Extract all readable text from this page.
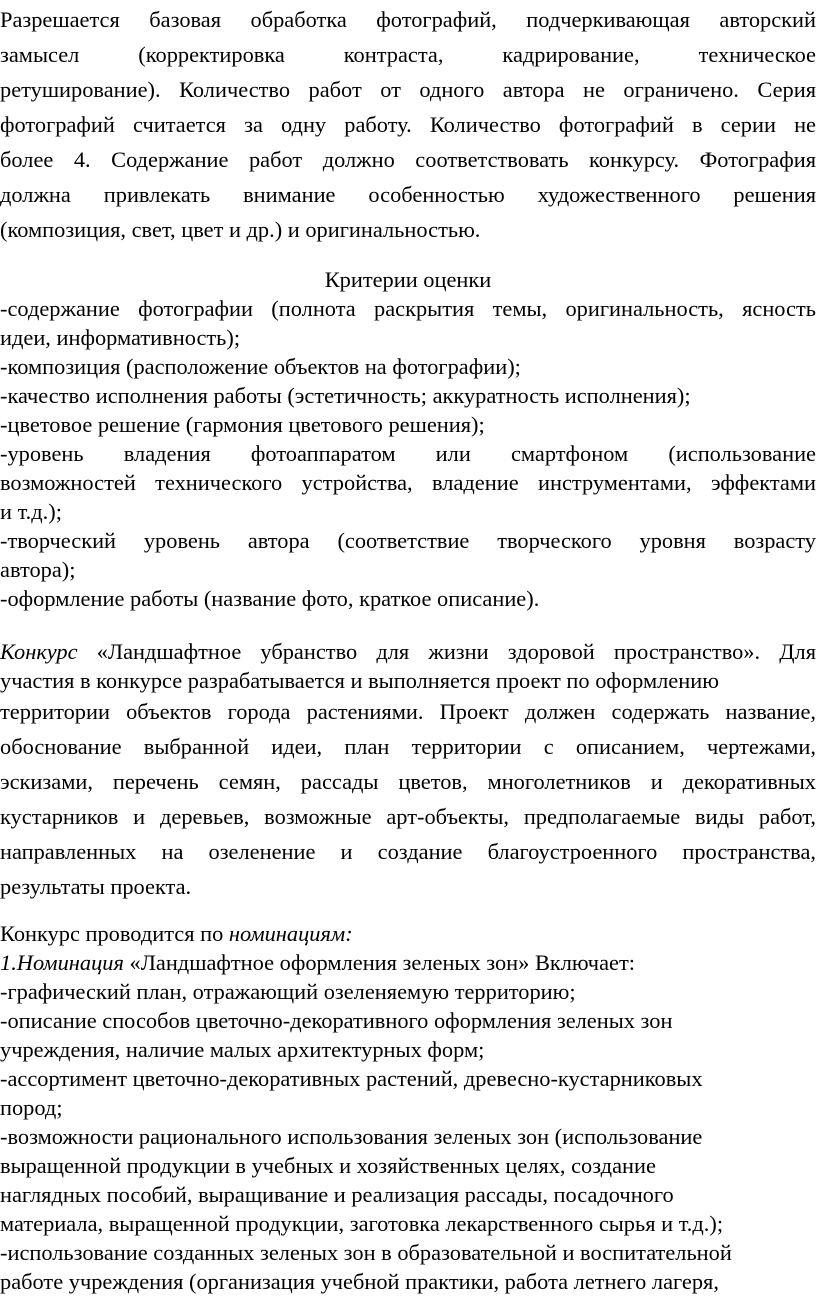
Разрешается базовая обработка фотографий, подчеркивающая авторский
замысел (корректировка контраста, кадрирование, техническое
ретуширование). Количество работ от одного автора не ограничено. Серия
фотографий считается за одну работу. Количество фотографий в серии не
более 4. Содержание работ должно соответствовать конкурсу. Фотография
должна привлекать внимание особенностью художественного решения
(композиция, свет, цвет и др.) и оригинальностью.
Критерии оценки
-содержание фотографии (полнота раскрытия темы, оригинальность, ясность
идеи, информативность);
-композиция (расположение объектов на фотографии);
-качество исполнения работы (эстетичность; аккуратность исполнения);
-цветовое решение (гармония цветового решения);
-уровень владения фотоаппаратом или смартфоном (использование
возможностей технического устройства, владение инструментами, эффектами
и т.д.);
-творческий уровень автора (соответствие творческого уровня возрасту
автора);
-оформление работы (название фото, краткое описание).
Конкурс «Ландшафтное убранство для жизни здоровой пространство». Для
участия в конкурсе разрабатывается и выполняется проект по оформлению
территории объектов города растениями. Проект должен содержать название,
обоснование выбранной идеи, план территории с описанием, чертежами,
эскизами, перечень семян, рассады цветов, многолетников и декоративных
кустарников и деревьев, возможные арт-объекты, предполагаемые виды работ,
направленных на озеленение и создание благоустроенного пространства,
результаты проекта.
Конкурс проводится по номинациям:
1.Номинация «Ландшафтное оформления зеленых зон» Включает:
-графический план, отражающий озеленяемую территорию;
-описание способов цветочно-декоративного оформления зеленых зон
учреждения, наличие малых архитектурных форм;
-ассортимент цветочно-декоративных растений, древесно-кустарниковых
пород;
-возможности рационального использования зеленых зон (использование
выращенной продукции в учебных и хозяйственных целях, создание
наглядных пособий, выращивание и реализация рассады, посадочного
материала, выращенной продукции, заготовка лекарственного сырья и т.д.);
-использование созданных зеленых зон в образовательной и воспитательной
работе учреждения (организация учебной практики, работа летнего лагеря,
